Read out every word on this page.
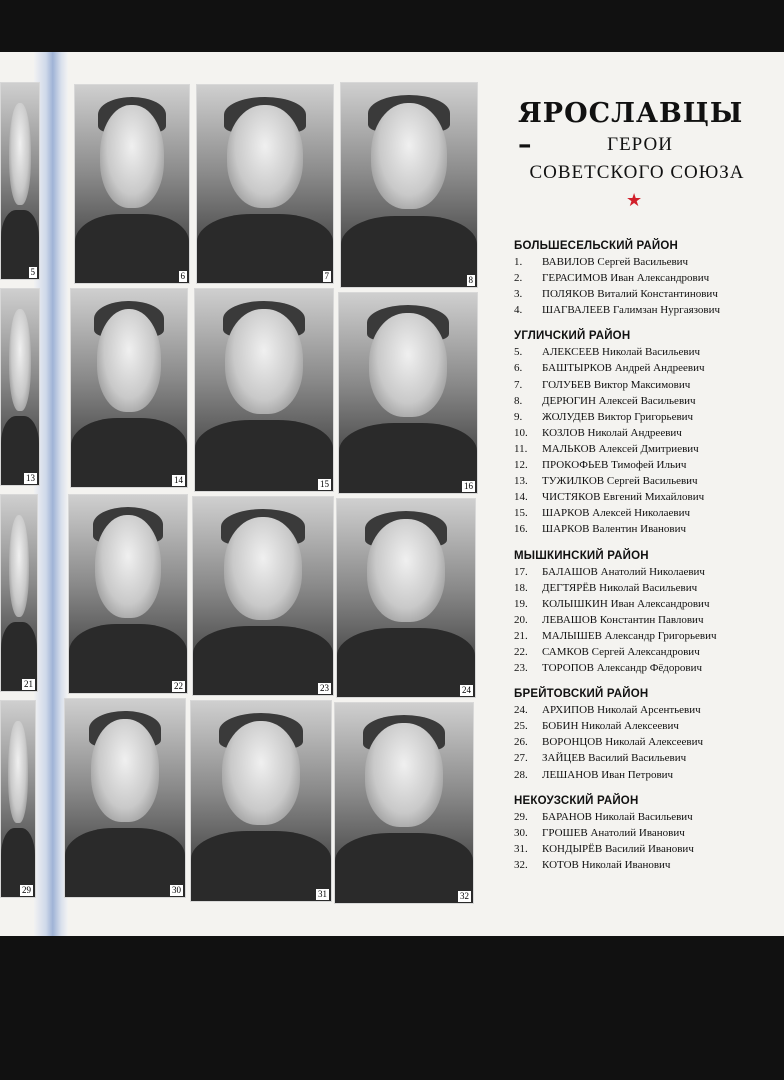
5
13
21
29
6	7	8
14	15	16
22	23	24
30	31	32
ЯРОСЛАВЦЫ –	ГЕРОИ
СОВЕТСКОГО СОЮЗА
★
БОЛЬШЕСЕЛЬСКИЙ РАЙОН
1. ВАВИЛОВ Сергей Васильевич
2. ГЕРАСИМОВ Иван Александрович
3. ПОЛЯКОВ Виталий Константинович
4. ШАГВАЛЕЕВ Галимзан Нургаязович
УГЛИЧСКИЙ РАЙОН
5. АЛЕКСЕЕВ Николай Васильевич
6. БАШТЫРКОВ Андрей Андреевич
7. ГОЛУБЕВ Виктор Максимович
8. ДЕРЮГИН Алексей Васильевич
9. ЖОЛУДЕВ Виктор Григорьевич
10. КОЗЛОВ Николай Андреевич
11. МАЛЬКОВ Алексей Дмитриевич
12. ПРОКОФЬЕВ Тимофей Ильич
13. ТУЖИЛКОВ Сергей Васильевич
14. ЧИСТЯКОВ Евгений Михайлович
15. ШАРКОВ Алексей Николаевич
16. ШАРКОВ Валентин Иванович
МЫШКИНСКИЙ РАЙОН
17. БАЛАШОВ Анатолий Николаевич
18. ДЕГТЯРЁВ Николай Васильевич
19. КОЛЫШКИН Иван Александрович
20. ЛЕВАШОВ Константин Павлович
21. МАЛЫШЕВ Александр Григорьевич
22. САМКОВ Сергей Александрович
23. ТОРОПОВ Александр Фёдорович
БРЕЙТОВСКИЙ РАЙОН
24. АРХИПОВ Николай Арсентьевич
25. БОБИН Николай Алексеевич
26. ВОРОНЦОВ Николай Алексеевич
27. ЗАЙЦЕВ Василий Васильевич
28. ЛЕШАНОВ Иван Петрович
НЕКОУЗСКИЙ РАЙОН
29. БАРАНОВ Николай Васильевич
30. ГРОШЕВ Анатолий Иванович
31. КОНДЫРЁВ Василий Иванович
32. КОТОВ Николай Иванович
